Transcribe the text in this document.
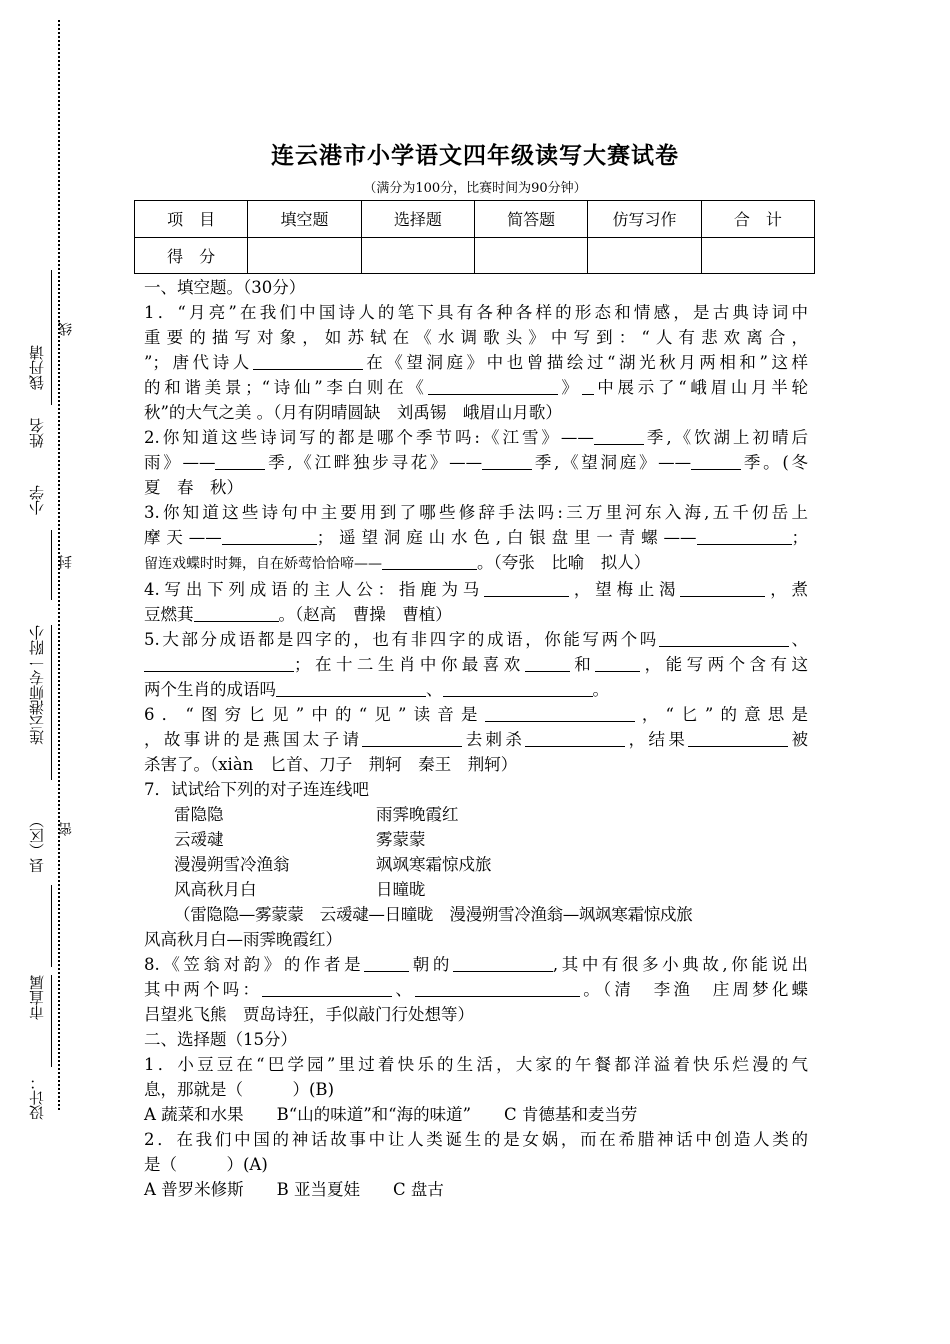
设计：
市直属
县（区）
连云港师专一附小
小学
姓名
钱丹请
线
封
密
连云港市小学语文四年级读写大赛试卷
（满分为100分，比赛时间为90分钟）
项　目	填空题	选择题	简答题	仿写习作	合　计
得　分					

一、填空题。（30分）

1．“月亮”在我们中国诗人的笔下具有各种各样的形态和情感，是古典诗词中

重要的描写对象，如苏轼在《水调歌头》中写到：“人有悲欢离合，

”；唐代诗人	在《望洞庭》中也曾描绘过“湖光秋月两相和”这样

的和谐美景；“诗仙”李白则在《	》 中展示了“峨眉山月半轮

秋”的大气之美 。（月有阴晴圆缺　刘禹锡　峨眉山月歌）

2.你知道这些诗词写的都是哪个季节吗:《江雪》——	季,《饮湖上初晴后

雨》——	季,《江畔独步寻花》——	季,《望洞庭》——	季。(冬

夏　春　秋）

3.你知道这些诗句中主要用到了哪些修辞手法吗:三万里河东入海,五千仞岳上

摩天——	；遥望洞庭山水色,白银盘里一青螺——	；

留连戏蝶时时舞，自在娇莺恰恰啼——	。（夸张　比喻　拟人）

4.写出下列成语的主人公：指鹿为马	，望梅止渴	，煮

豆燃萁	。（赵高　曹操　曹植）

5.大部分成语都是四字的，也有非四字的成语，你能写两个吗	、

；在十二生肖中你最喜欢	和	，能写两个含有这

两个生肖的成语吗	、	。

6．“图穷匕见”中的“见”读音是	，“匕”的意思是

，故事讲的是燕国太子请	去刺杀	，结果	被

杀害了。（xiàn　匕首、刀子　荆轲　秦王　荆轲）

7．试试给下列的对子连连线吧

雷隐隐	雨霁晚霞红

云叆叇	雾蒙蒙

漫漫朔雪冷渔翁	飒飒寒霜惊戍旅

风高秋月白	日曈昽

（雷隐隐—雾蒙蒙　云叆叇—日曈昽　漫漫朔雪冷渔翁—飒飒寒霜惊戍旅

风高秋月白—雨霁晚霞红）

8.《笠翁对韵》的作者是	朝的	,其中有很多小典故,你能说出

其中两个吗：	、	。（清　李渔　庄周梦化蝶

吕望兆飞熊　贾岛诗狂，手似敲门行处想等）

二、选择题（15分）

1．小豆豆在“巴学园”里过着快乐的生活，大家的午餐都洋溢着快乐烂漫的气

息，那就是（　　　）(B)

A 蔬菜和水果　　B“山的味道”和“海的味道”　　C 肯德基和麦当劳

2．在我们中国的神话故事中让人类诞生的是女娲，而在希腊神话中创造人类的

是（　　　）(A)

A 普罗米修斯　　B 亚当夏娃　　C 盘古
